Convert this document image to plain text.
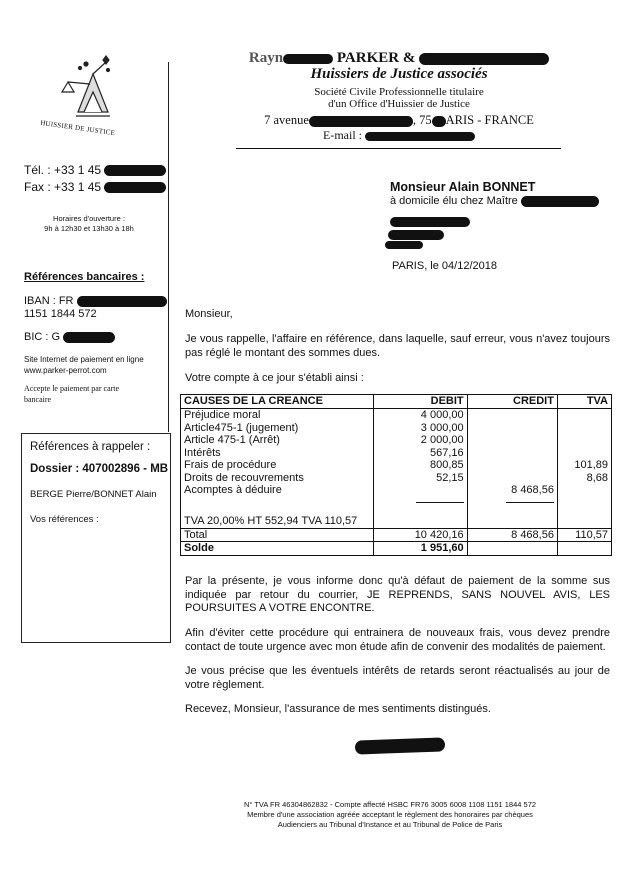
HUISSIER DE JUSTICE
Tél. : +33 1 45
Fax : +33 1 45
Horaires d'ouverture :
9h à 12h30 et 13h30 à 18h
Références bancaires :
IBAN : FR
1151 1844 572
BIC : G
Site Internet de paiement en ligne
www.parker-perrot.com
Accepte le paiement par carte
bancaire
Références à rappeler :
Dossier : 407002896 - MB
BERGE Pierre/BONNET Alain
Vos références :
Rayn	PARKER &
Huissiers de Justice associés
Société Civile Professionnelle titulaire
d'un Office d'Huissier de Justice
7 avenue	, 75 ARIS - FRANCE
E-mail :
Monsieur Alain BONNET
à domicile élu chez Maître
PARIS, le 04/12/2018
Monsieur,
Je vous rappelle, l'affaire en référence, dans laquelle, sauf erreur, vous n'avez toujours pas réglé le montant des sommes dues.
Votre compte à ce jour s'établi ainsi :
CAUSES DE LA CREANCE	DEBIT	CREDIT	TVA
Préjudice moral	4 000,00		
Article475-1 (jugement)	3 000,00		
Article 475-1 (Arrêt)	2 000,00		
Intérêts	567,16		
Frais de procédure	800,85		101,89
Droits de recouvrements	52,15		8,68
Acomptes à déduire		8 468,56	

TVA 20,00% HT 552,94 TVA 110,57			
Total	10 420,16	8 468,56	110,57
Solde	1 951,60		
Par la présente, je vous informe donc qu'à défaut de paiement de la somme sus indiquée par retour du courrier, JE REPRENDS, SANS NOUVEL AVIS, LES POURSUITES A VOTRE ENCONTRE.
Afin d'éviter cette procédure qui entrainera de nouveaux frais, vous devez prendre contact de toute urgence avec mon étude afin de convenir des modalités de paiement.
Je vous précise que les éventuels intérêts de retards seront réactualisés au jour de votre règlement.
Recevez, Monsieur, l'assurance de mes sentiments distingués.
N° TVA FR 46304862832 - Compte affecté HSBC FR76 3005 6008 1108 1151 1844 572
Membre d'une association agréée acceptant le règlement des honoraires par chèques
Audienciers au Tribunal d'Instance et au Tribunal de Police de Paris
